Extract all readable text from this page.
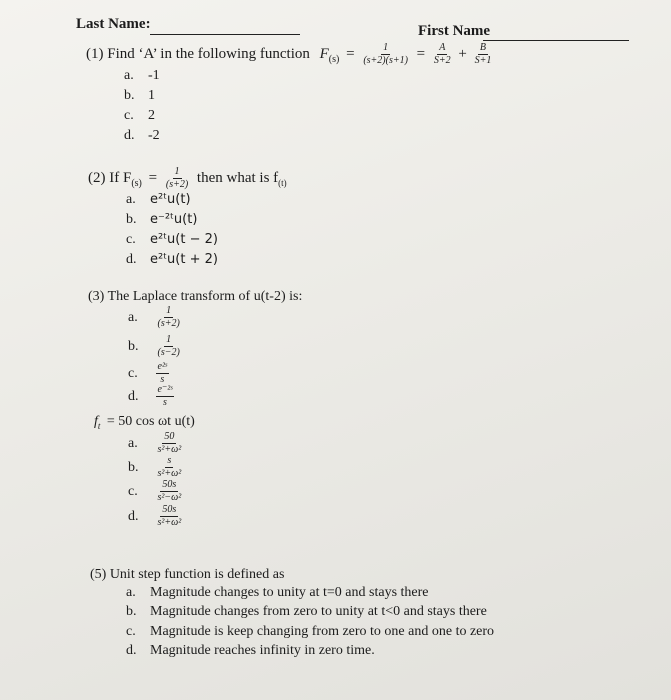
Last Name:	First Name
(1) Find ‘A’ in the following function $F_{(s)} = \frac{1}{(s+2)(s+1)} = \frac{A}{S+2} + \frac{B}{S+1}$
a. -1
b. 1
c. 2
d. -2
(2) If $F_{(s)} = \frac{1}{(s+2)}$ then what is $f_{(t)}$
a. e²ᵗu(t)
b. e⁻²ᵗu(t)
c. e²ᵗu(t − 2)
d. e²ᵗu(t + 2)
(3) The Laplace transform of u(t-2) is:
a. $\frac{1}{(s+2)}$
b. $\frac{1}{(s-2)}$
c. $\frac{\text{e²ˢ}}{s}$
d. $\frac{\text{e⁻²ˢ}}{s}$
$f_t = 50$ cos ωt u(t)
a. $\frac{50}{\text{s²+ω²}}$
b. $\frac{s}{\text{s²+ω²}}$
c. $\frac{50s}{\text{s²−ω²}}$
d. $\frac{50s}{\text{s²+ω²}}$
(5) Unit step function is defined as
a. Magnitude changes to unity at t=0 and stays there
b. Magnitude changes from zero to unity at t<0 and stays there
c. Magnitude is keep changing from zero to one and one to zero
d. Magnitude reaches infinity in zero time.
